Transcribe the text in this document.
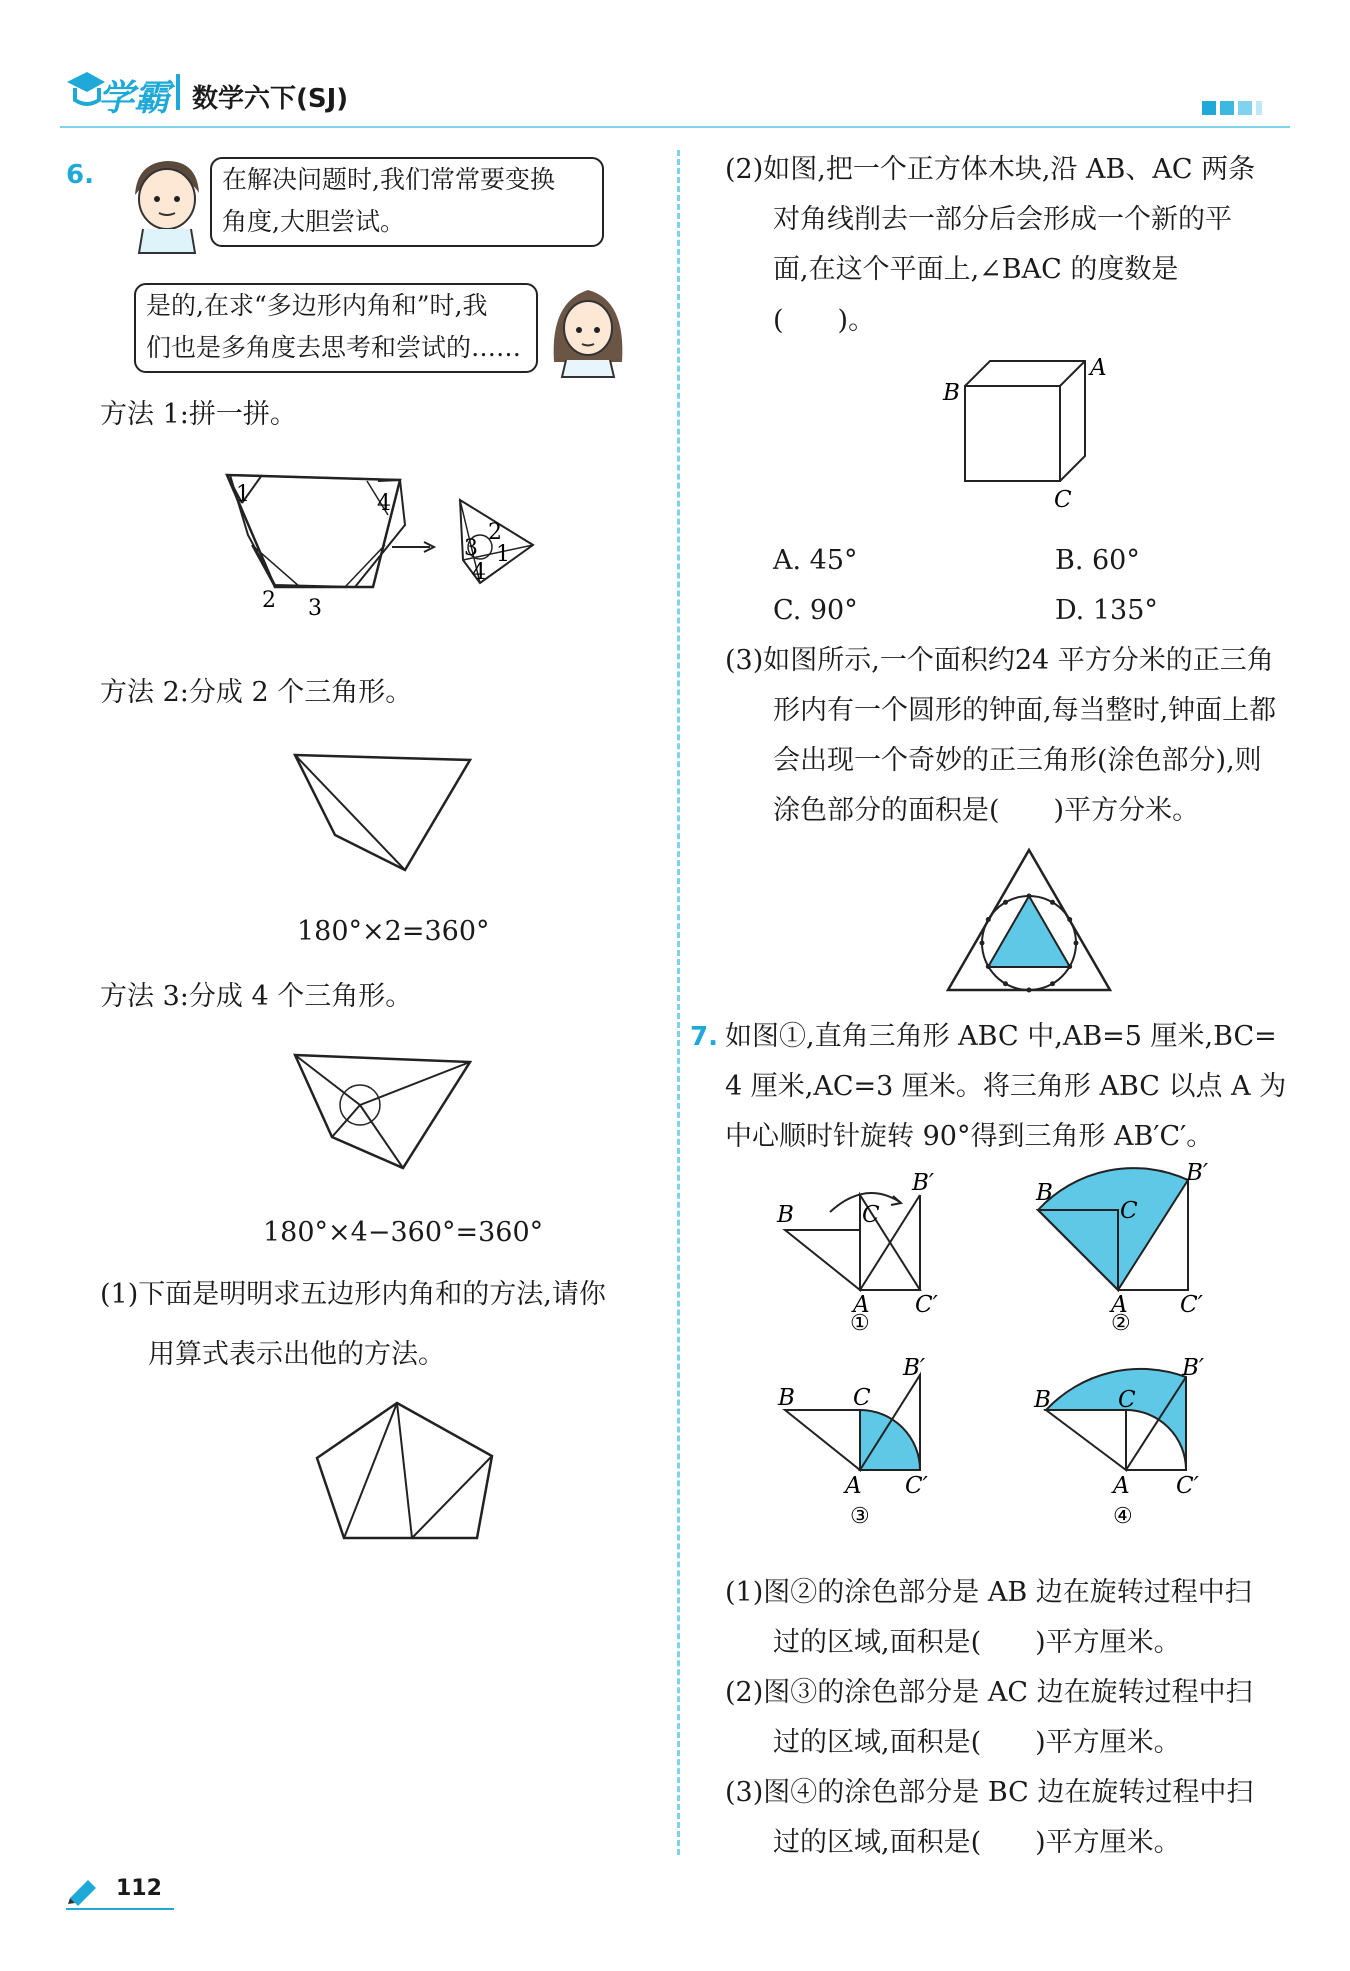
学霸 数学六下(SJ)
6.	在解决问题时,我们常常要变换
角度,大胆尝试。
是的,在求“多边形内角和”时,我
们也是多角度去思考和尝试的……
方法 1:拼一拼。
1	4
2 3
2
3 1
4
方法 2:分成 2 个三角形。
180°×2=360°
方法 3:分成 4 个三角形。
180°×4−360°=360°
(1)下面是明明求五边形内角和的方法,请你
用算式表示出他的方法。
(2)如图,把一个正方体木块,沿 AB、AC 两条
对角线削去一部分后会形成一个新的平
面,在这个平面上,∠BAC 的度数是
(　　)。
A
B
C
A. 45°	B. 60°
C. 90°	D. 135°
(3)如图所示,一个面积约24 平方分米的正三角
形内有一个圆形的钟面,每当整时,钟面上都
会出现一个奇妙的正三角形(涂色部分),则
涂色部分的面积是(　　)平方分米。
7. 如图①,直角三角形 ABC 中,AB=5 厘米,BC=
4 厘米,AC=3 厘米。将三角形 ABC 以点 A 为
中心顺时针旋转 90°得到三角形 AB′C′。
B	C
A
B′
C′
①
B
C
A
B′
C′
②
B	C
A
B′
C′
③
B	C
A
B′
C′
④
(1)图②的涂色部分是 AB 边在旋转过程中扫
过的区域,面积是(　　)平方厘米。
(2)图③的涂色部分是 AC 边在旋转过程中扫
过的区域,面积是(　　)平方厘米。
(3)图④的涂色部分是 BC 边在旋转过程中扫
过的区域,面积是(　　)平方厘米。
112
